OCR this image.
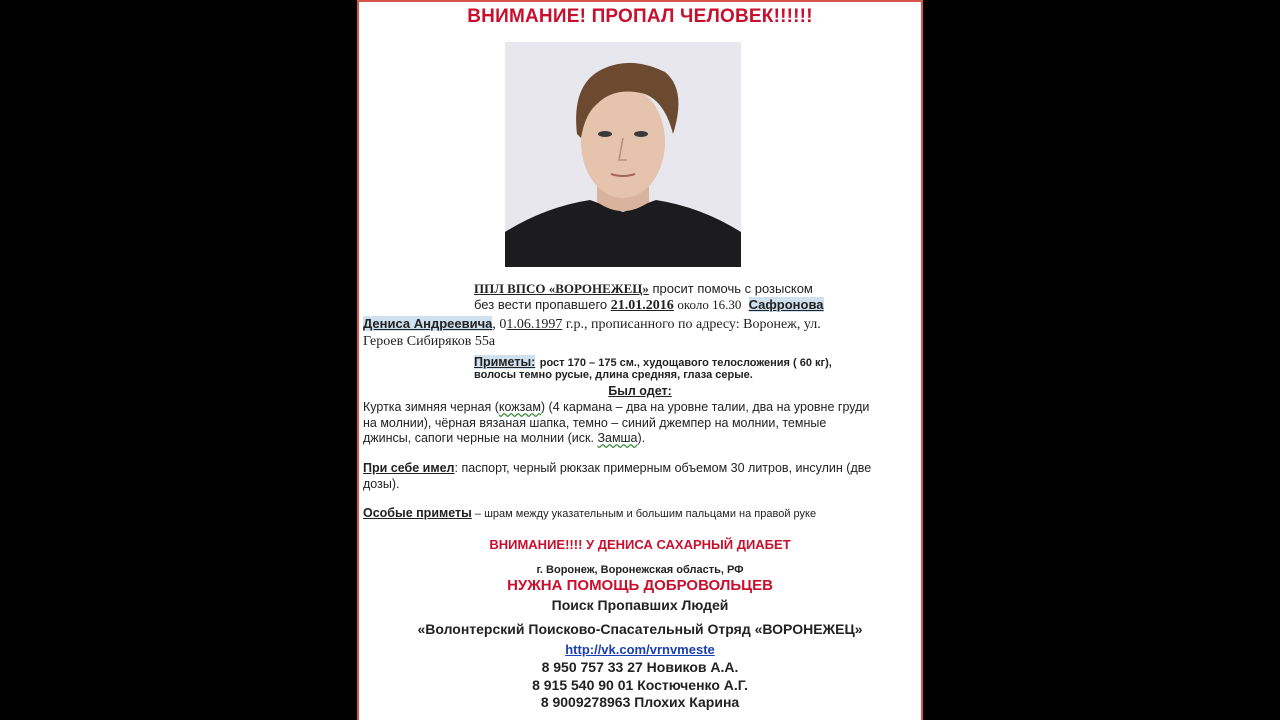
ВНИМАНИЕ! ПРОПАЛ ЧЕЛОВЕК!!!!!!
ППЛ ВПСО «ВОРОНЕЖЕЦ» просит помочь с розыском
без вести пропавшего 21.01.2016 около 16.30 Сафронова
Дениса Андреевича, 01.06.1997 г.р., прописанного по адресу: Воронеж, ул.
Героев Сибиряков 55а
Приметы: рост 170 – 175 см., худощавого телосложения ( 60 кг),
волосы темно русые, длина средняя, глаза серые.
Был одет:
Куртка зимняя черная (кожзам) (4 кармана – два на уровне талии, два на уровне груди
на молнии), чёрная вязаная шапка, темно – синий джемпер на молнии, темные
джинсы, сапоги черные на молнии (иск. Замша).
При себе имел: паспорт, черный рюкзак примерным объемом 30 литров, инсулин (две
дозы).
Особые приметы – шрам между указательным и большим пальцами на правой руке
ВНИМАНИЕ!!!! У ДЕНИСА САХАРНЫЙ ДИАБЕТ
г. Воронеж, Воронежская область, РФ
НУЖНА ПОМОЩЬ ДОБРОВОЛЬЦЕВ
Поиск Пропавших Людей
«Волонтерский Поисково-Спасательный Отряд «ВОРОНЕЖЕЦ»
http://vk.com/vrnvmeste
8 950 757 33 27 Новиков А.А.
8 915 540 90 01 Костюченко А.Г.
8 9009278963 Плохих Карина
